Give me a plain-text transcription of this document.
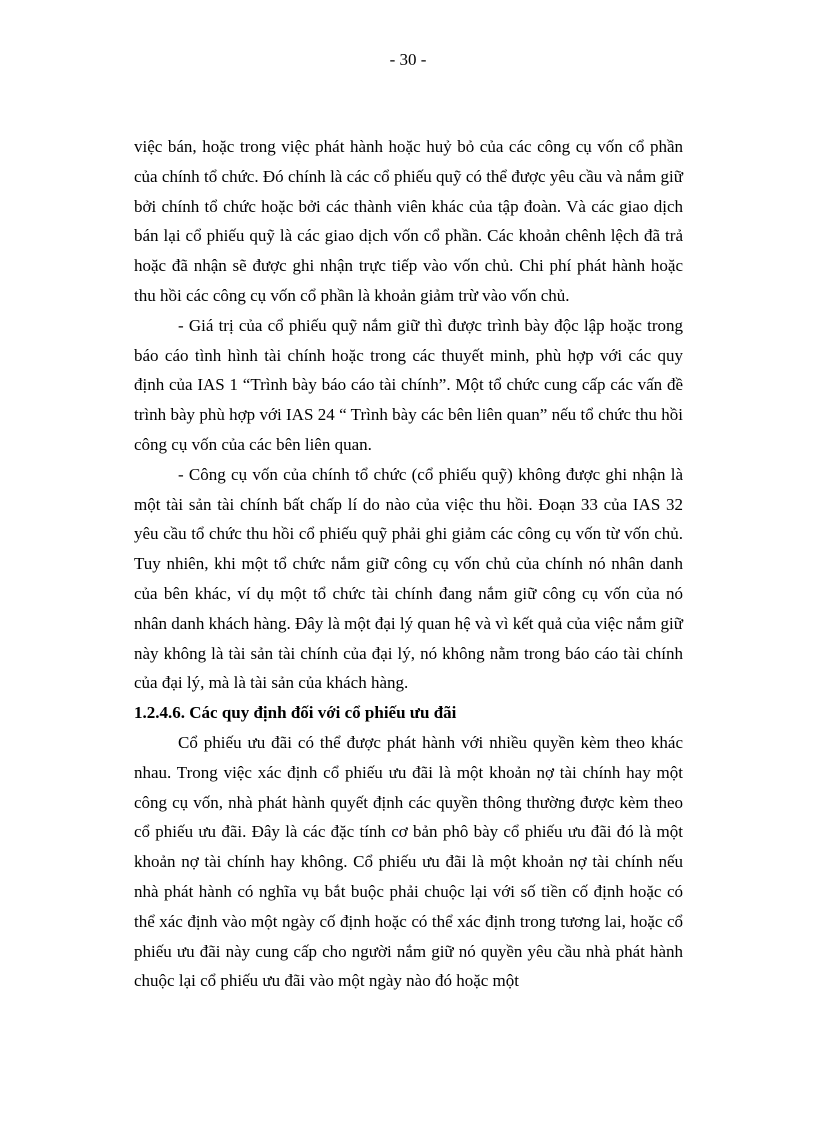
- 30 -

việc bán, hoặc trong việc phát hành hoặc huỷ bỏ của các công cụ vốn cổ phần của chính tổ chức. Đó chính là các cổ phiếu quỹ có thể được yêu cầu và nắm giữ bởi chính tổ chức hoặc bởi các thành viên khác của tập đoàn. Và các giao dịch bán lại cổ phiếu quỹ là các giao dịch vốn cổ phần. Các khoản chênh lệch đã trả hoặc đã nhận sẽ được ghi nhận trực tiếp vào vốn chủ. Chi phí phát hành hoặc thu hồi các công cụ vốn cổ phần là khoản giảm trừ vào vốn chủ.

- Giá trị của cổ phiếu quỹ nắm giữ thì được trình bày độc lập hoặc trong báo cáo tình hình tài chính hoặc trong các thuyết minh, phù hợp với các quy định của IAS 1 “Trình bày báo cáo tài chính”. Một tổ chức cung cấp các vấn đề trình bày phù hợp với IAS 24 “ Trình bày các bên liên quan” nếu tổ chức thu hồi công cụ vốn của các bên liên quan.

- Công cụ vốn của chính tổ chức (cổ phiếu quỹ) không được ghi nhận là một tài sản tài chính bất chấp lí do nào của việc thu hồi. Đoạn 33 của IAS 32 yêu cầu tổ chức thu hồi cổ phiếu quỹ phải ghi giảm các công cụ vốn từ vốn chủ. Tuy nhiên, khi một tổ chức nắm giữ công cụ vốn chủ của chính nó nhân danh của bên khác, ví dụ một tổ chức tài chính đang nắm giữ công cụ vốn của nó nhân danh khách hàng. Đây là một đại lý quan hệ và vì kết quả của việc nắm giữ này không là tài sản tài chính của đại lý, nó không nằm trong báo cáo tài chính của đại lý, mà là tài sản của khách hàng.

1.2.4.6. Các quy định đối với cổ phiếu ưu đãi

Cổ phiếu ưu đãi có thể được phát hành với nhiều quyền kèm theo khác nhau. Trong việc xác định cổ phiếu ưu đãi là một khoản nợ tài chính hay một công cụ vốn, nhà phát hành quyết định các quyền thông thường được kèm theo cổ phiếu ưu đãi. Đây là các đặc tính cơ bản phô bày cổ phiếu ưu đãi đó là một khoản nợ tài chính hay không. Cổ phiếu ưu đãi là một khoản nợ tài chính nếu nhà phát hành có nghĩa vụ bắt buộc phải chuộc lại với số tiền cố định hoặc có thể xác định vào một ngày cố định hoặc có thể xác định trong tương lai, hoặc cổ phiếu ưu đãi này cung cấp cho người nắm giữ nó quyền yêu cầu nhà phát hành chuộc lại cổ phiếu ưu đãi vào một ngày nào đó hoặc một
